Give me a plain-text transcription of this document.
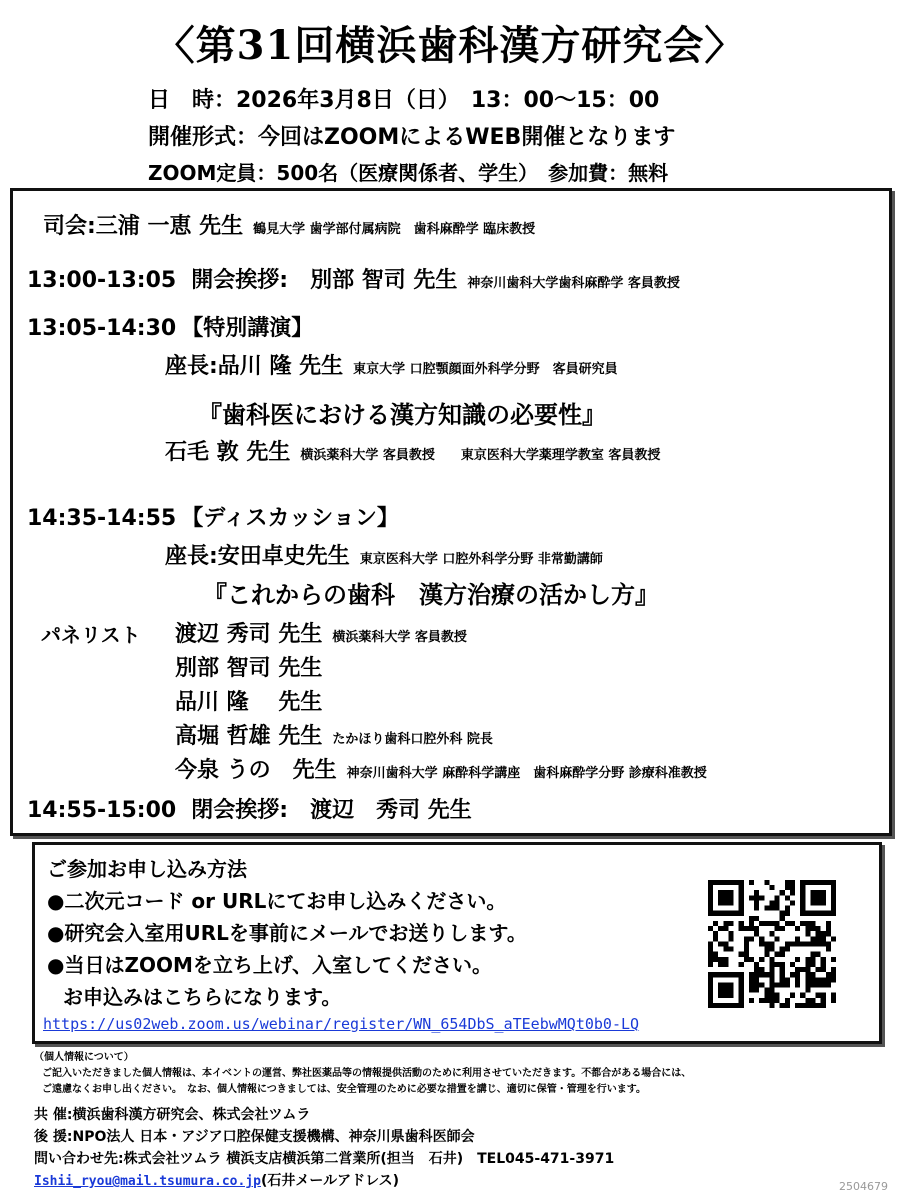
〈第31回横浜歯科漢方研究会〉
日　時：2026年3月8日（日）　13：00〜15：00
開催形式：今回はZOOMによるWEB開催となります
ZOOM定員：500名（医療関係者、学生）　参加費：無料
司会:三浦 一恵 先生 鶴見大学 歯学部付属病院　歯科麻酔学 臨床教授
13:00-13:05 開会挨拶:　別部 智司 先生 神奈川歯科大学歯科麻酔学 客員教授
13:05-14:30 【特別講演】
座長:品川 隆 先生 東京大学 口腔顎顔面外科学分野　客員研究員
『歯科医における漢方知識の必要性』
石毛 敦 先生 横浜薬科大学 客員教授　　東京医科大学薬理学教室 客員教授
14:35-14:55 【ディスカッション】
座長:安田卓史先生 東京医科大学 口腔外科学分野 非常勤講師
『これからの歯科　漢方治療の活かし方』
パネリスト 渡辺 秀司 先生 横浜薬科大学 客員教授
別部 智司 先生
品川 隆　 先生
高堀 哲雄 先生 たかほり歯科口腔外科 院長
今泉 うの　先生 神奈川歯科大学 麻酔科学講座　歯科麻酔学分野 診療科准教授
14:55-15:00 閉会挨拶:　渡辺　秀司 先生
ご参加お申し込み方法
●二次元コード or URLにてお申し込みください。
●研究会入室用URLを事前にメールでお送りします。
●当日はZOOMを立ち上げ、入室してください。
お申込みはこちらになります。
https://us02web.zoom.us/webinar/register/WN_654DbS_aTEebwMQt0b0-LQ
（個人情報について）
ご記入いただきました個人情報は、本イベントの運営、弊社医薬品等の情報提供活動のために利用させていただきます。不都合がある場合には、
ご遠慮なくお申し出ください。　なお、個人情報につきましては、安全管理のために必要な措置を講じ、適切に保管・管理を行います。
共 催:横浜歯科漢方研究会、株式会社ツムラ
後 援:NPO法人 日本・アジア口腔保健支援機構、神奈川県歯科医師会
問い合わせ先:株式会社ツムラ 横浜支店横浜第二営業所(担当　石井)　TEL045-471-3971
Ishii_ryou@mail.tsumura.co.jp(石井メールアドレス)	2504679
